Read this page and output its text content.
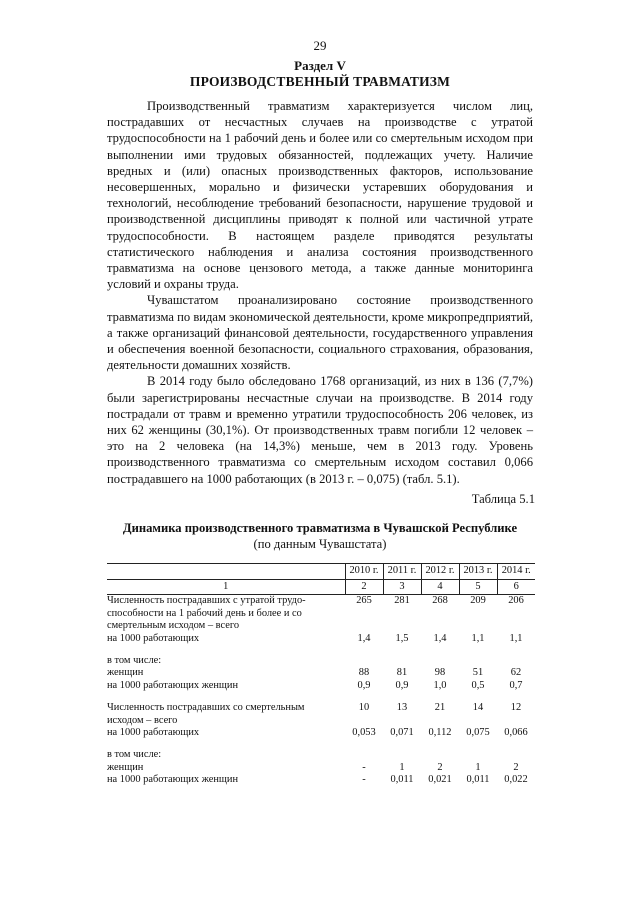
29
Раздел V
ПРОИЗВОДСТВЕННЫЙ ТРАВМАТИЗМ

Производственный травматизм характеризуется числом лиц, пострадавших от несчастных случаев на производстве с утратой трудоспособности на 1 рабочий день и более или со смертельным исходом при выполнении ими трудовых обязанностей, подлежащих учету. Наличие вредных и (или) опасных производственных факторов, использование несовершенных, морально и физически устаревших оборудования и технологий, несоблюдение требований безопасности, нарушение трудовой и производственной дисциплины приводят к полной или частичной утрате трудоспособности. В настоящем разделе приводятся результаты статистического наблюдения и анализа состояния производственного травматизма на основе цензового метода, а также данные мониторинга условий и охраны труда.

Чувашстатом проанализировано состояние производственного травматизма по видам экономической деятельности, кроме микропредприятий, а также организаций финансовой деятельности, государственного управления и обеспечения военной безопасности, социального страхования, образования, деятельности домашних хозяйств.

В 2014 году было обследовано 1768 организаций, из них в 136 (7,7%) были зарегистрированы несчастные случаи на производстве. В 2014 году пострадали от травм и временно утратили трудоспособность 206 человек, из них 62 женщины (30,1%). От производственных травм погибли 12 человек – это на 2 человека (на 14,3%) меньше, чем в 2013 году. Уровень производственного травматизма со смертельным исходом составил 0,066 пострадавшего на 1000 работающих (в 2013 г. – 0,075) (табл. 5.1).

Таблица 5.1
Динамика производственного травматизма в Чувашской Республике
(по данным Чувашстата)
	2010 г.	2011 г.	2012 г.	2013 г.	2014 г.
1	2	3	4	5	6
Численность пострадавших с утратой трудо-способности на 1 рабочий день и более и со смертельным исходом – всего	265	281	268	209	206
на 1000 работающих	1,4	1,5	1,4	1,1	1,1

в том числе:					
женщин	88	81	98	51	62
на 1000 работающих женщин	0,9	0,9	1,0	0,5	0,7

Численность пострадавших со смертельным исходом – всего	10	13	21	14	12
на 1000 работающих	0,053	0,071	0,112	0,075	0,066

в том числе:					
женщин	-	1	2	1	2
на 1000 работающих женщин	-	0,011	0,021	0,011	0,022
